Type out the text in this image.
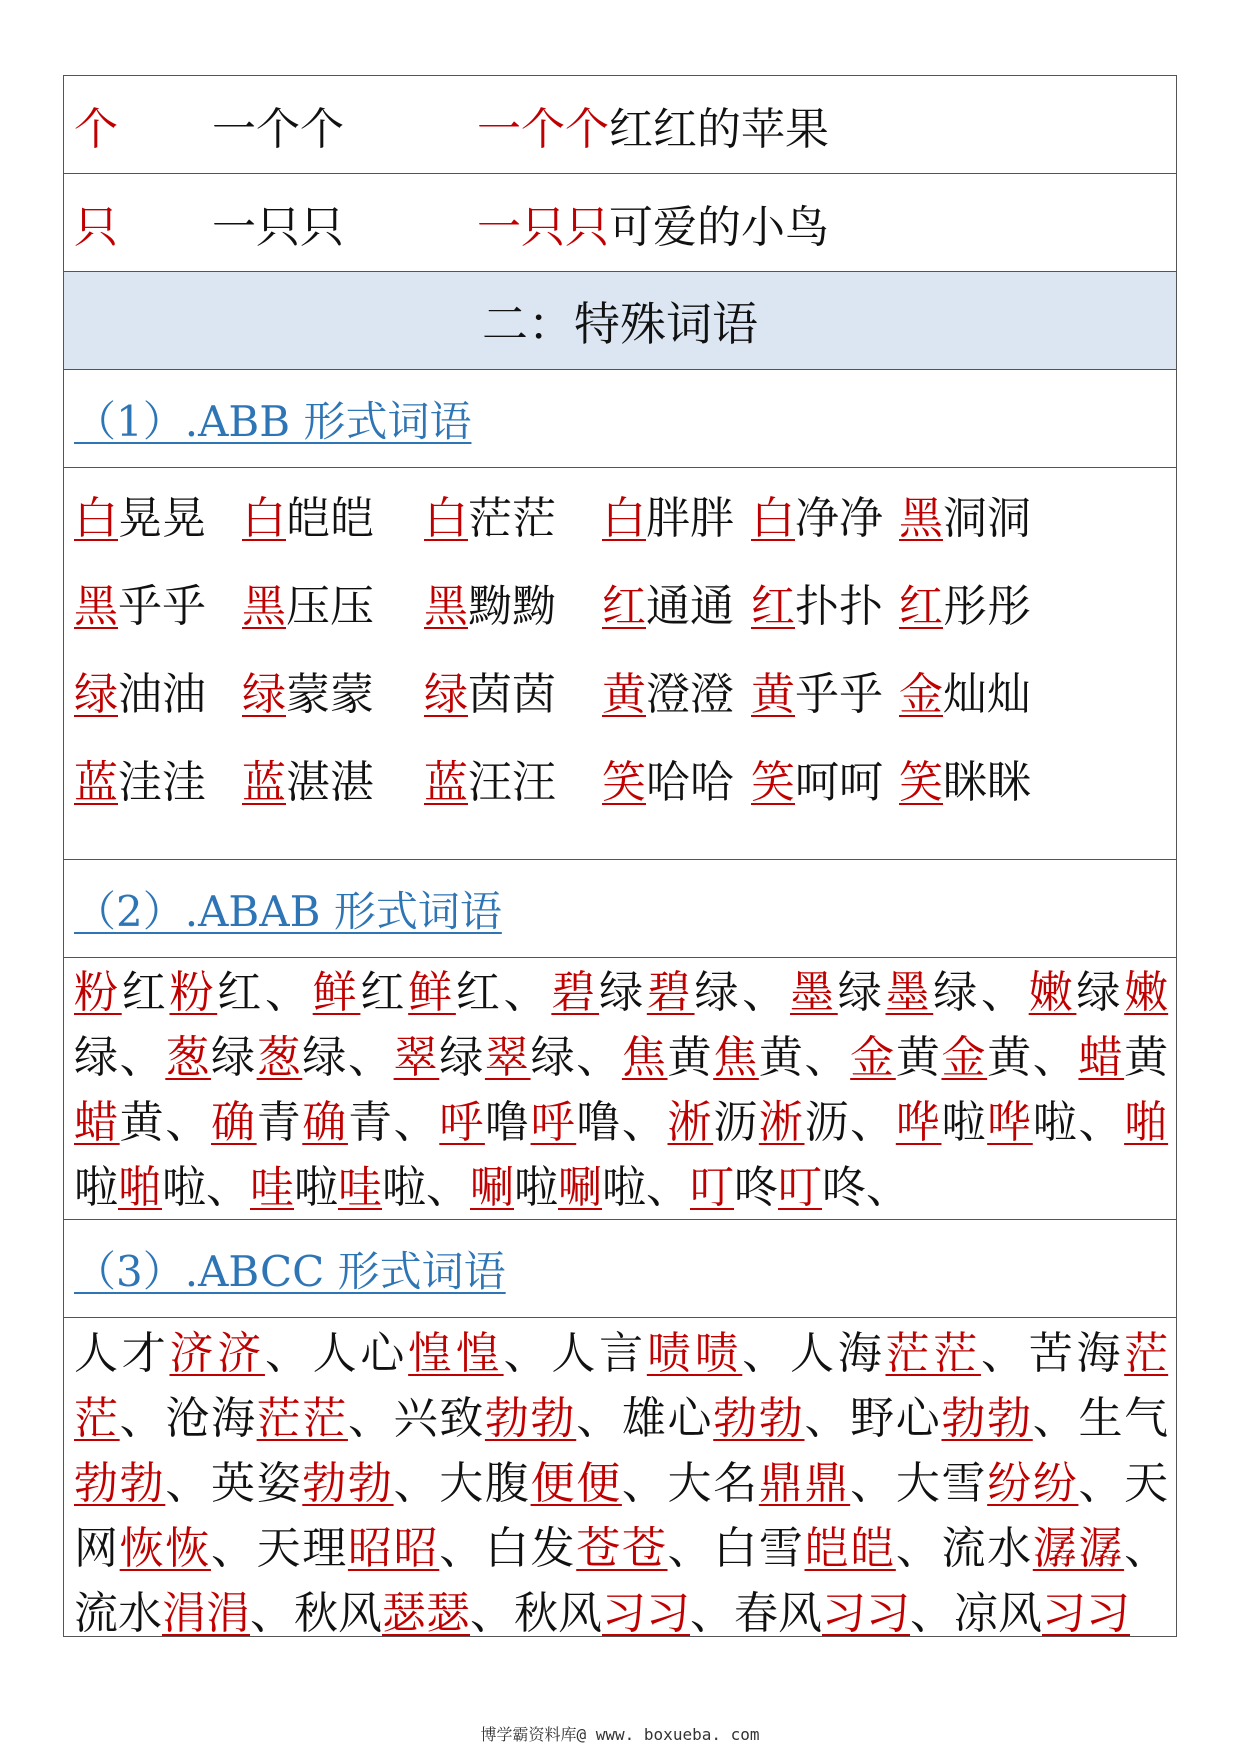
个 一个个	一个个红红的苹果
只 一只只	一只只可爱的小鸟
二：特殊词语
（1）.ABB 形式词语
白晃晃 白皑皑 白茫茫 白胖胖 白净净 黑洞洞
黑乎乎 黑压压 黑黝黝 红通通 红扑扑 红彤彤
绿油油 绿蒙蒙 绿茵茵 黄澄澄 黄乎乎 金灿灿
蓝洼洼 蓝湛湛 蓝汪汪 笑哈哈 笑呵呵 笑眯眯
（2）.ABAB 形式词语
粉红粉红、鲜红鲜红、碧绿碧绿、墨绿墨绿、嫩绿嫩绿、葱绿葱绿、翠绿翠绿、焦黄焦黄、金黄金黄、蜡黄蜡黄、确青确青、呼噜呼噜、淅沥淅沥、哗啦哗啦、啪啦啪啦、哇啦哇啦、唰啦唰啦、叮咚叮咚、
（3）.ABCC 形式词语
人才济济、人心惶惶、人言啧啧、人海茫茫、苦海茫茫、沧海茫茫、兴致勃勃、雄心勃勃、野心勃勃、生气勃勃、英姿勃勃、大腹便便、大名鼎鼎、大雪纷纷、天网恢恢、天理昭昭、白发苍苍、白雪皑皑、流水潺潺、流水涓涓、秋风瑟瑟、秋风习习、春风习习、凉风习习
博学霸资料库@ www. boxueba. com
